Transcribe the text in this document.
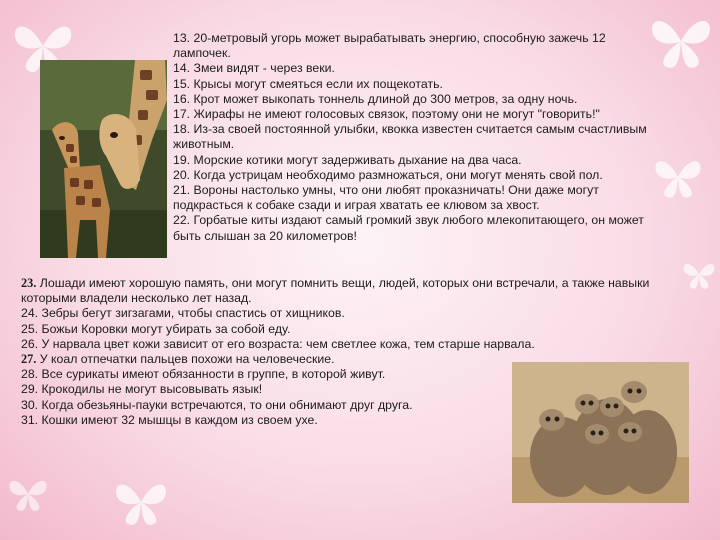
13. 20-метровый угорь может вырабатывать энергию, способную зажечь 12 лампочек.

14. Змеи видят - через веки.

15. Крысы могут смеяться если их пощекотать.

16. Крот может выкопать тоннель длиной до 300 метров, за одну ночь.

17. Жирафы не имеют голосовых связок, поэтому они не могут "говорить!"

18. Из-за своей постоянной улыбки, квокка известен считается самым счастливым животным.

19. Морские котики могут задерживать дыхание на два часа.

20. Когда устрицам необходимо размножаться, они могут менять свой пол.

21. Вороны настолько умны, что они любят проказничать! Они даже могут подкрасться к собаке сзади и играя хватать ее клювом за хвост.

22. Горбатые киты издают самый громкий звук любого млекопитающего, он может быть слышан за 20 километров!

23. Лошади имеют хорошую память, они могут помнить вещи, людей, которых они встречали, а также навыки которыми владели несколько лет назад.

24. Зебры бегут зигзагами, чтобы спастись от хищников.

25. Божьи Коровки могут убирать за собой еду.

26. У нарвала цвет кожи зависит от его возраста: чем светлее кожа, тем старше нарвала.

27. У коал отпечатки пальцев похожи на человеческие.

28. Все сурикаты имеют обязанности в группе, в которой живут.

29. Крокодилы не могут высовывать язык!

30. Когда обезьяны-пауки встречаются, то они обнимают друг друга.

31. Кошки имеют 32 мышцы в каждом из своем ухе.
